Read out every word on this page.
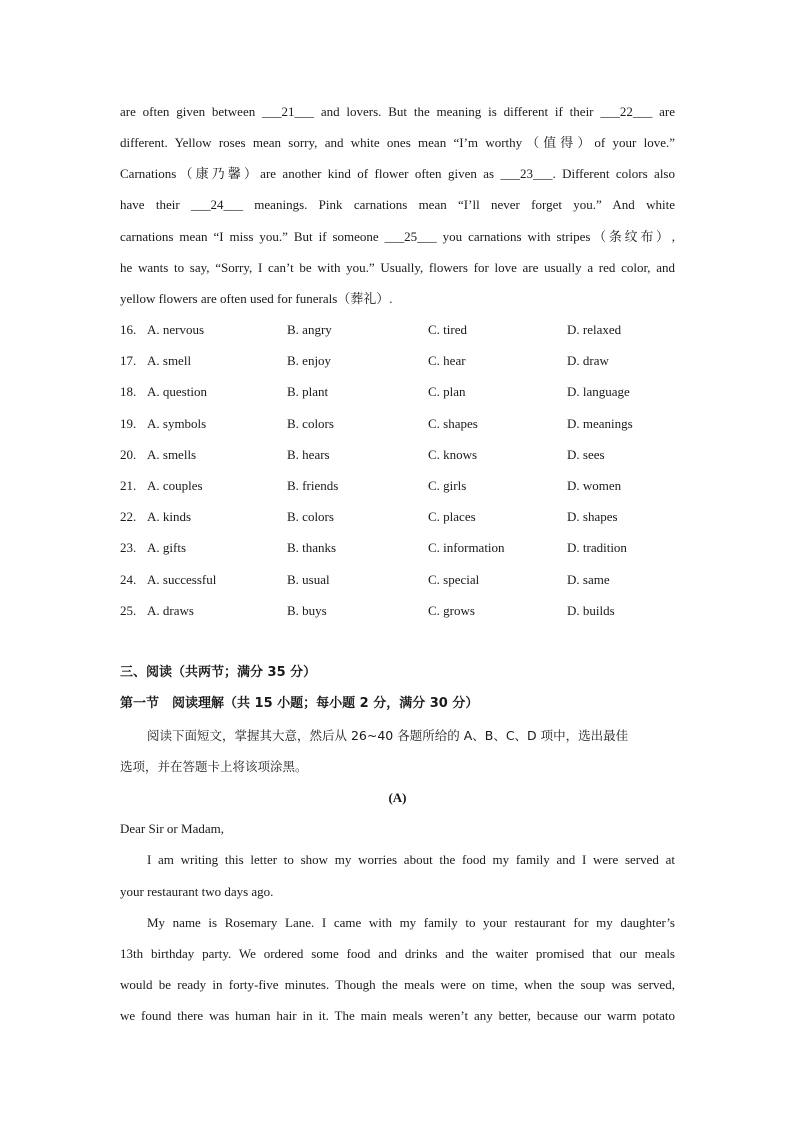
are often given between ___21___ and lovers. But the meaning is different if their ___22___ are
different. Yellow roses mean sorry, and white ones mean “I’m worthy（值得）of your love.”
Carnations（康乃馨）are another kind of flower often given as ___23___. Different colors also
have their ___24___ meanings. Pink carnations mean “I’ll never forget you.” And white
carnations mean “I miss you.” But if someone ___25___ you carnations with stripes（条纹布）,
he wants to say, “Sorry, I can’t be with you.” Usually, flowers for love are usually a red color, and
yellow flowers are often used for funerals（葬礼）.
16. A. nervous	B. angry	C. tired	D. relaxed
17. A. smell	B. enjoy	C. hear	D. draw
18. A. question	B. plant	C. plan	D. language
19. A. symbols	B. colors	C. shapes	D. meanings
20. A. smells	B. hears	C. knows	D. sees
21. A. couples	B. friends	C. girls	D. women
22. A. kinds	B. colors	C. places	D. shapes
23. A. gifts	B. thanks	C. information	D. tradition
24. A. successful	B. usual	C. special	D. same
25. A. draws	B. buys	C. grows	D. builds
三、阅读（共两节；满分 35 分）
第一节　阅读理解（共 15 小题；每小题 2 分，满分 30 分）
阅读下面短文，掌握其大意，然后从 26~40 各题所给的 A、B、C、D 项中，选出最佳
选项，并在答题卡上将该项涂黑。
(A)
Dear Sir or Madam,
I am writing this letter to show my worries about the food my family and I were served at
your restaurant two days ago.
My name is Rosemary Lane. I came with my family to your restaurant for my daughter’s
13th birthday party. We ordered some food and drinks and the waiter promised that our meals
would be ready in forty-five minutes. Though the meals were on time, when the soup was served,
we found there was human hair in it. The main meals weren’t any better, because our warm potato
